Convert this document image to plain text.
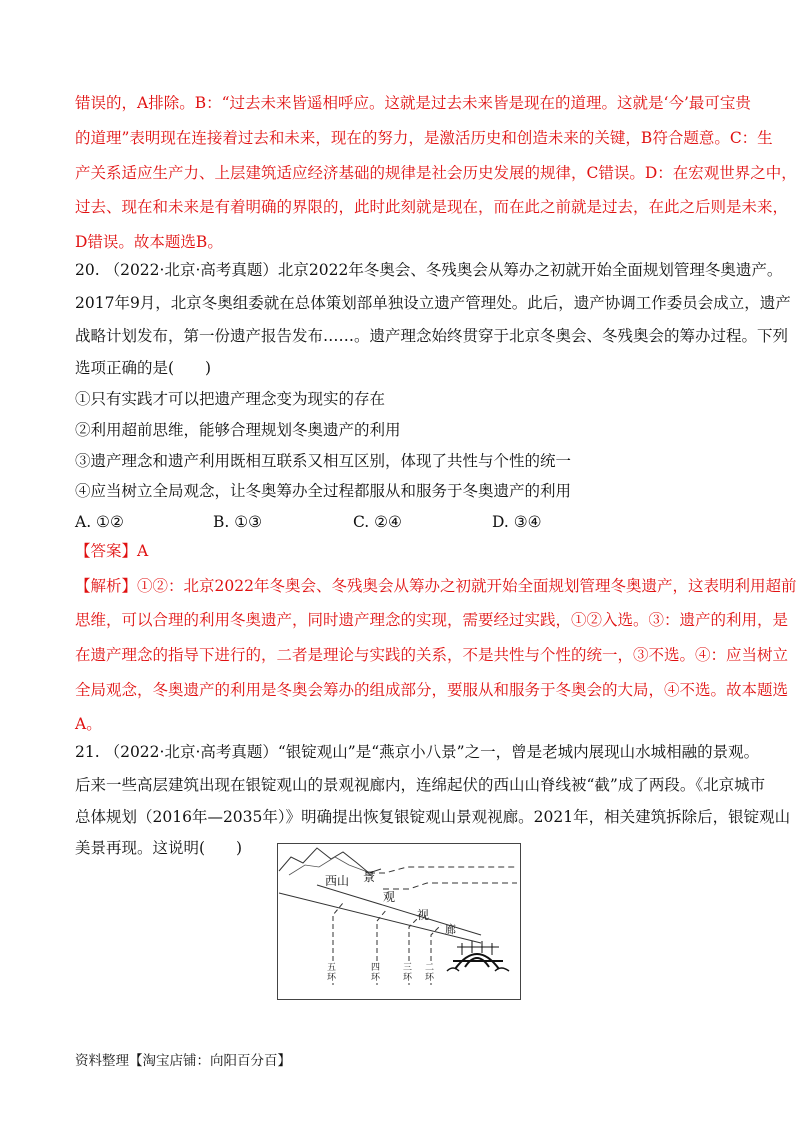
错误的，A排除。B：“过去未来皆遥相呼应。这就是过去未来皆是现在的道理。这就是‘今’最可宝贵
的道理”表明现在连接着过去和未来，现在的努力，是激活历史和创造未来的关键，B符合题意。C：生
产关系适应生产力、上层建筑适应经济基础的规律是社会历史发展的规律，C错误。D：在宏观世界之中，
过去、现在和未来是有着明确的界限的，此时此刻就是现在，而在此之前就是过去，在此之后则是未来，
D错误。故本题选B。
20. （2022·北京·高考真题）北京2022年冬奥会、冬残奥会从筹办之初就开始全面规划管理冬奥遗产。
2017年9月，北京冬奥组委就在总体策划部单独设立遗产管理处。此后，遗产协调工作委员会成立，遗产
战略计划发布，第一份遗产报告发布……。遗产理念始终贯穿于北京冬奥会、冬残奥会的筹办过程。下列
选项正确的是(　　)
①只有实践才可以把遗产理念变为现实的存在
②利用超前思维，能够合理规划冬奥遗产的利用
③遗产理念和遗产利用既相互联系又相互区别，体现了共性与个性的统一
④应当树立全局观念，让冬奥筹办全过程都服从和服务于冬奥遗产的利用
A. ①②	B. ①③	C. ②④	D. ③④
【答案】A
【解析】①②：北京2022年冬奥会、冬残奥会从筹办之初就开始全面规划管理冬奥遗产，这表明利用超前
思维，可以合理的利用冬奥遗产，同时遗产理念的实现，需要经过实践，①②入选。③：遗产的利用，是
在遗产理念的指导下进行的，二者是理论与实践的关系，不是共性与个性的统一，③不选。④：应当树立
全局观念，冬奥遗产的利用是冬奥会筹办的组成部分，要服从和服务于冬奥会的大局，④不选。故本题选
A。
21. （2022·北京·高考真题）“银锭观山”是“燕京小八景”之一，曾是老城内展现山水城相融的景观。
后来一些高层建筑出现在银锭观山的景观视廊内，连绵起伏的西山山脊线被“截”成了两段。《北京城市
总体规划（2016年—2035年）》明确提出恢复银锭观山景观视廊。2021年，相关建筑拆除后，银锭观山
美景再现。这说明(　　)
西山 景
观
视
廊
五环
四环
三环
二环
资料整理【淘宝店铺：向阳百分百】
